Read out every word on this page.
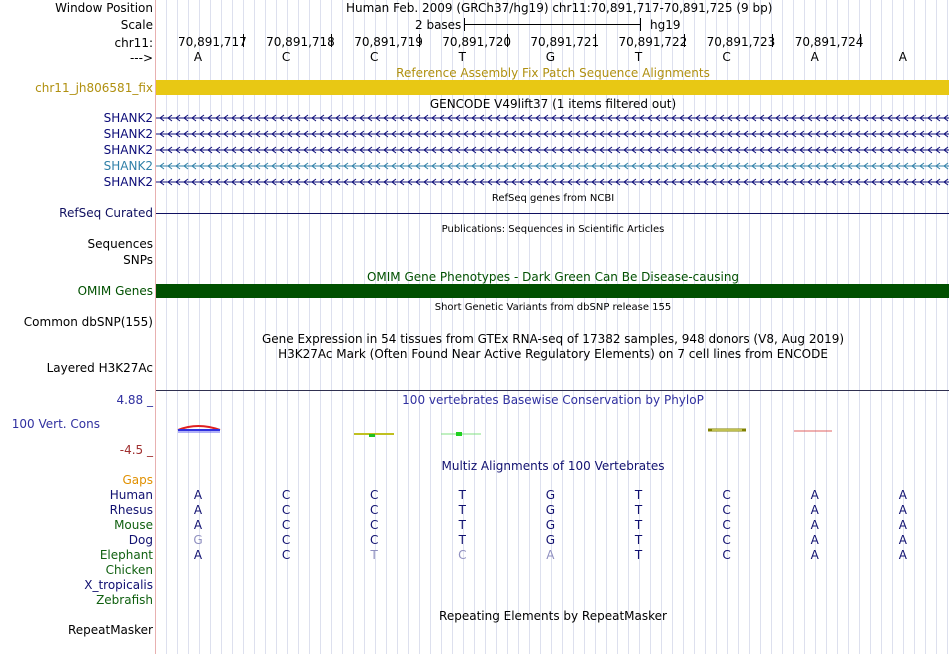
Window Position	Human Feb. 2009 (GRCh37/hg19) chr11:70,891,717-70,891,725 (9 bp)
Scale	2 bases	hg19
chr11: 70,891,717 70,891,718 70,891,719 70,891,720 70,891,721 70,891,722 70,891,723 70,891,724
--->	A	C	C	T	G	T	C	A	A
Reference Assembly Fix Patch Sequence Alignments
chr11_jh806581_fix
GENCODE V49lift37 (1 items filtered out)
SHANK2
SHANK2
SHANK2
SHANK2
SHANK2
RefSeq genes from NCBI
RefSeq Curated
Publications: Sequences in Scientific Articles
Sequences
SNPs
OMIM Gene Phenotypes - Dark Green Can Be Disease-causing
OMIM Genes
Short Genetic Variants from dbSNP release 155
Common dbSNP(155)
Gene Expression in 54 tissues from GTEx RNA-seq of 17382 samples, 948 donors (V8, Aug 2019)
H3K27Ac Mark (Often Found Near Active Regulatory Elements) on 7 cell lines from ENCODE
Layered H3K27Ac
100 vertebrates Basewise Conservation by PhyloP
4.88 _
100 Vert. Cons
-4.5 _
Multiz Alignments of 100 Vertebrates
Gaps
Human	A	C	C	T	G	T	C	A	A
Rhesus	A	C	C	T	G	T	C	A	A
Mouse	A	C	C	T	G	T	C	A	A
Dog	G	C	C	T	G	T	C	A	A
Elephant	A	C	T	C	A	T	C	A	A
Chicken
X_tropicalis
Zebrafish
Repeating Elements by RepeatMasker
RepeatMasker
